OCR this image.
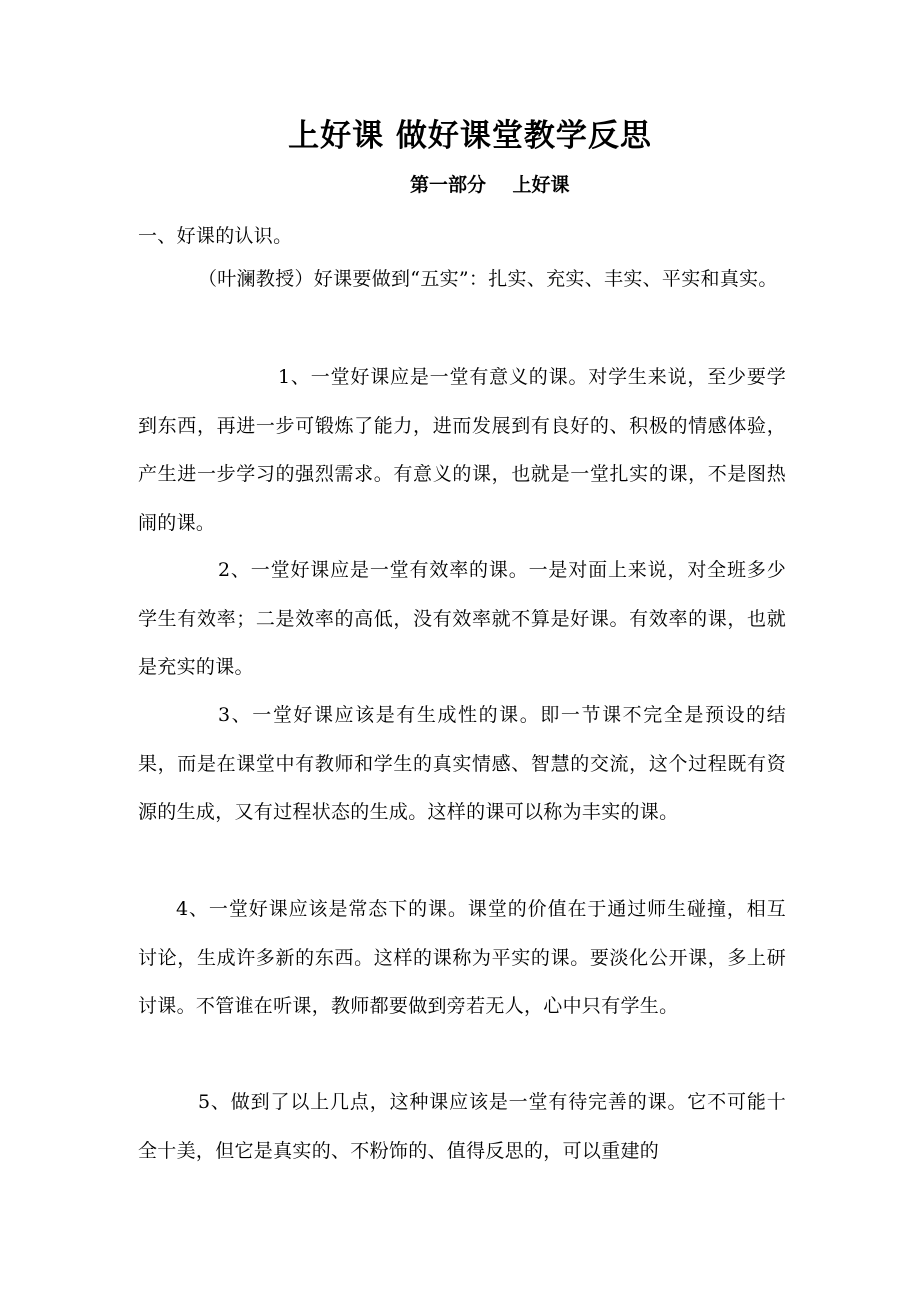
上好课 做好课堂教学反思
第一部分    上好课

一、好课的认识。

（叶澜教授）好课要做到“五实”：扎实、充实、丰实、平实和真实。

1、一堂好课应是一堂有意义的课。对学生来说，至少要学到东西，再进一步可锻炼了能力，进而发展到有良好的、积极的情感体验，产生进一步学习的强烈需求。有意义的课，也就是一堂扎实的课，不是图热闹的课。

2、一堂好课应是一堂有效率的课。一是对面上来说，对全班多少学生有效率；二是效率的高低，没有效率就不算是好课。有效率的课，也就是充实的课。

3、一堂好课应该是有生成性的课。即一节课不完全是预设的结果，而是在课堂中有教师和学生的真实情感、智慧的交流，这个过程既有资源的生成，又有过程状态的生成。这样的课可以称为丰实的课。

4、一堂好课应该是常态下的课。课堂的价值在于通过师生碰撞，相互讨论，生成许多新的东西。这样的课称为平实的课。要淡化公开课，多上研讨课。不管谁在听课，教师都要做到旁若无人，心中只有学生。

5、做到了以上几点，这种课应该是一堂有待完善的课。它不可能十全十美，但它是真实的、不粉饰的、值得反思的，可以重建的
